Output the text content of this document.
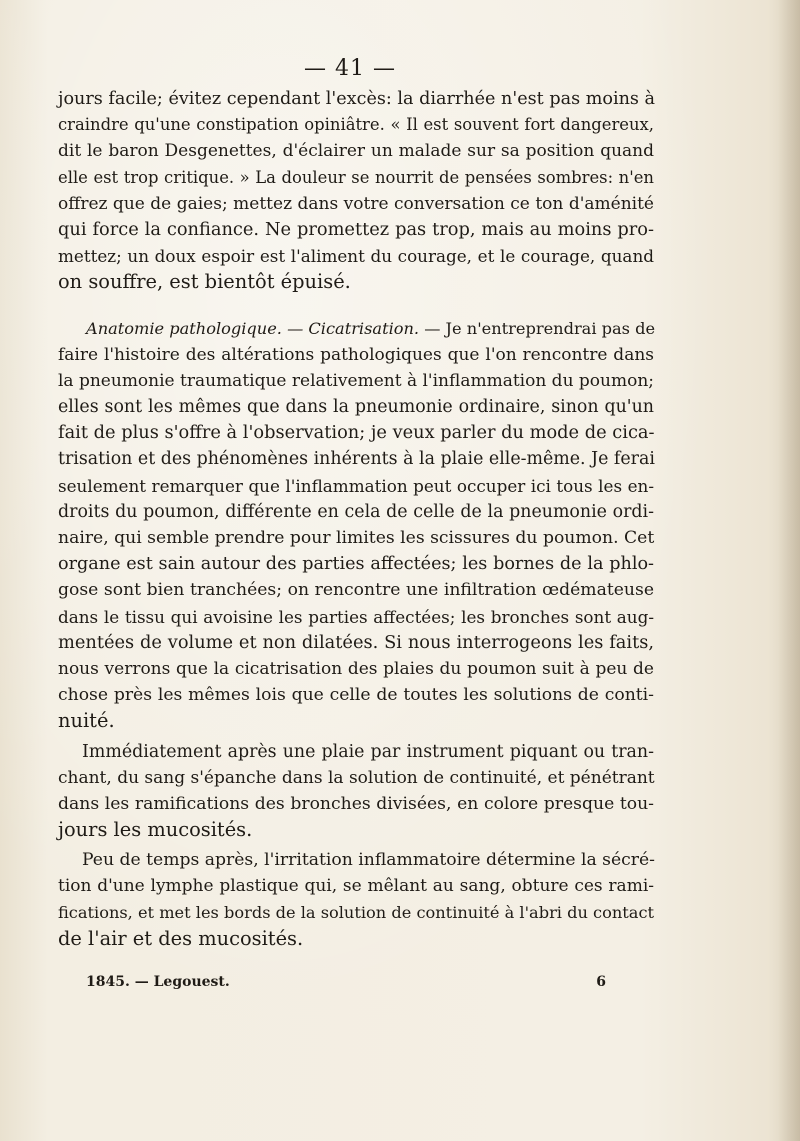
— 41 —
jours facile; évitez cependant l'excès: la diarrhée n'est pas moins à
craindre qu'une constipation opiniâtre. « Il est souvent fort dangereux,
dit le baron Desgenettes, d'éclairer un malade sur sa position quand
elle est trop critique. » La douleur se nourrit de pensées sombres: n'en
offrez que de gaies; mettez dans votre conversation ce ton d'aménité
qui force la confiance. Ne promettez pas trop, mais au moins pro-
mettez; un doux espoir est l'aliment du courage, et le courage, quand
on souffre, est bientôt épuisé.
Anatomie pathologique. — Cicatrisation. — Je n'entreprendrai pas de
faire l'histoire des altérations pathologiques que l'on rencontre dans
la pneumonie traumatique relativement à l'inflammation du poumon;
elles sont les mêmes que dans la pneumonie ordinaire, sinon qu'un
fait de plus s'offre à l'observation; je veux parler du mode de cica-
trisation et des phénomènes inhérents à la plaie elle-même. Je ferai
seulement remarquer que l'inflammation peut occuper ici tous les en-
droits du poumon, différente en cela de celle de la pneumonie ordi-
naire, qui semble prendre pour limites les scissures du poumon. Cet
organe est sain autour des parties affectées; les bornes de la phlo-
gose sont bien tranchées; on rencontre une infiltration œdémateuse
dans le tissu qui avoisine les parties affectées; les bronches sont aug-
mentées de volume et non dilatées. Si nous interrogeons les faits,
nous verrons que la cicatrisation des plaies du poumon suit à peu de
chose près les mêmes lois que celle de toutes les solutions de conti-
nuité.
Immédiatement après une plaie par instrument piquant ou tran-
chant, du sang s'épanche dans la solution de continuité, et pénétrant
dans les ramifications des bronches divisées, en colore presque tou-
jours les mucosités.
Peu de temps après, l'irritation inflammatoire détermine la sécré-
tion d'une lymphe plastique qui, se mêlant au sang, obture ces rami-
fications, et met les bords de la solution de continuité à l'abri du contact
de l'air et des mucosités.
1845. — Legouest.	6
